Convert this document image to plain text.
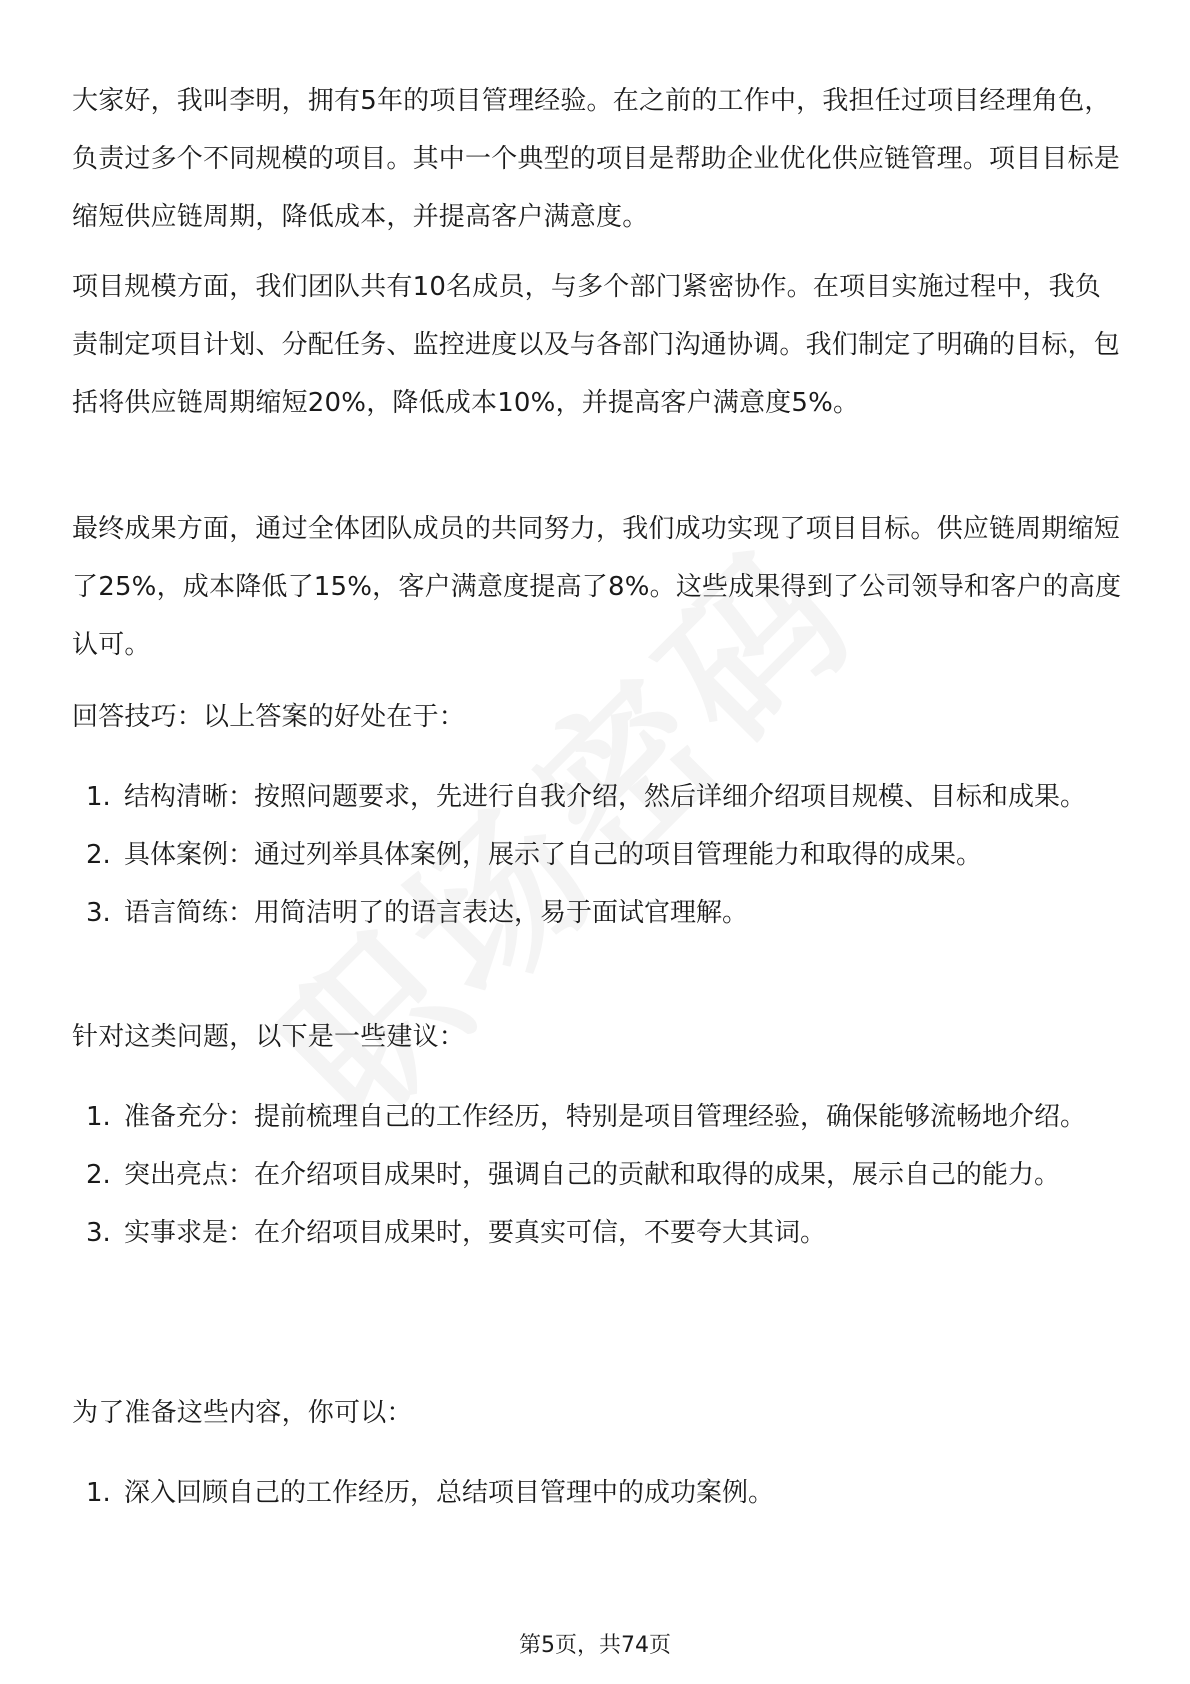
大家好，我叫李明，拥有5年的项目管理经验。在之前的工作中，我担任过项目经理角色，负责过多个不同规模的项目。其中一个典型的项目是帮助企业优化供应链管理。项目目标是缩短供应链周期，降低成本，并提高客户满意度。

项目规模方面，我们团队共有10名成员，与多个部门紧密协作。在项目实施过程中，我负责制定项目计划、分配任务、监控进度以及与各部门沟通协调。我们制定了明确的目标，包括将供应链周期缩短20%，降低成本10%，并提高客户满意度5%。

最终成果方面，通过全体团队成员的共同努力，我们成功实现了项目目标。供应链周期缩短了25%，成本降低了15%，客户满意度提高了8%。这些成果得到了公司领导和客户的高度认可。

回答技巧：以上答案的好处在于：

1. 结构清晰：按照问题要求，先进行自我介绍，然后详细介绍项目规模、目标和成果。
2. 具体案例：通过列举具体案例，展示了自己的项目管理能力和取得的成果。
3. 语言简练：用简洁明了的语言表达，易于面试官理解。

针对这类问题，以下是一些建议：

1. 准备充分：提前梳理自己的工作经历，特别是项目管理经验，确保能够流畅地介绍。
2. 突出亮点：在介绍项目成果时，强调自己的贡献和取得的成果，展示自己的能力。
3. 实事求是：在介绍项目成果时，要真实可信，不要夸大其词。

为了准备这些内容，你可以：

1. 深入回顾自己的工作经历，总结项目管理中的成功案例。
第5页，共74页
